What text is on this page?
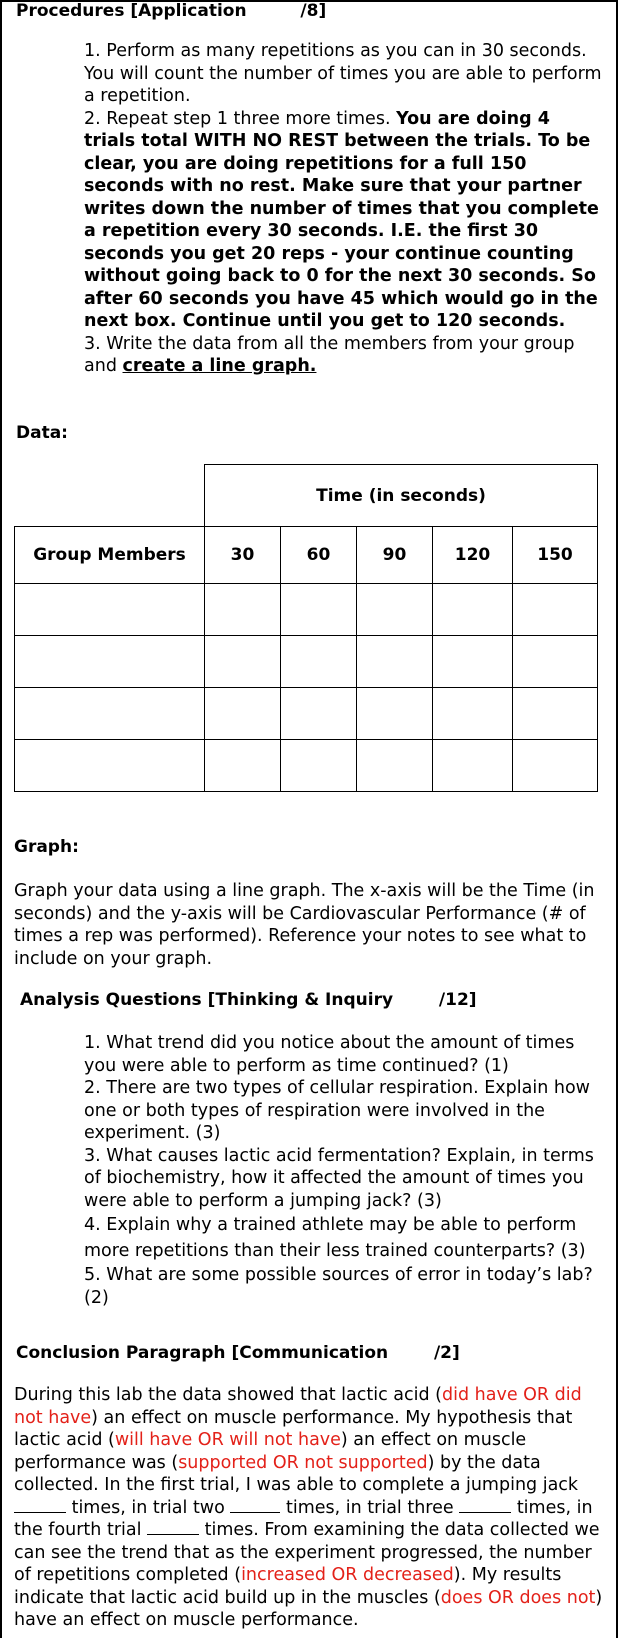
Procedures [Application	/8]

1. Perform as many repetitions as you can in 30 seconds. You will count the number of times you are able to perform a repetition.

2. Repeat step 1 three more times. You are doing 4 trials total WITH NO REST between the trials. To be clear, you are doing repetitions for a full 150 seconds with no rest. Make sure that your partner writes down the number of times that you complete a repetition every 30 seconds. I.E. the first 30 seconds you get 20 reps - your continue counting without going back to 0 for the next 30 seconds. So after 60 seconds you have 45 which would go in the next box. Continue until you get to 120 seconds.

3. Write the data from all the members from your group and create a line graph.

Data:
	Time (in seconds)				
Group Members	30	60	90	120	150

Graph:
Graph your data using a line graph. The x-axis will be the Time (in seconds) and the y-axis will be Cardiovascular Performance (# of times a rep was performed). Reference your notes to see what to include on your graph.
Analysis Questions [Thinking & Inquiry	/12]

1. What trend did you notice about the amount of times you were able to perform as time continued? (1)

2. There are two types of cellular respiration. Explain how one or both types of respiration were involved in the experiment. (3)

3. What causes lactic acid fermentation? Explain, in terms of biochemistry, how it affected the amount of times you were able to perform a jumping jack? (3)

4. Explain why a trained athlete may be able to perform more repetitions than their less trained counterparts? (3)

5. What are some possible sources of error in today’s lab? (2)

Conclusion Paragraph [Communication	/2]
During this lab the data showed that lactic acid (did have OR did not have) an effect on muscle performance. My hypothesis that lactic acid (will have OR will not have) an effect on muscle performance was (supported OR not supported) by the data collected. In the first trial, I was able to complete a jumping jack  times, in trial two	times, in trial three	times, in the fourth trial	times. From examining the data collected we can see the trend that as the experiment progressed, the number of repetitions completed (increased OR decreased). My results indicate that lactic acid build up in the muscles (does OR does not) have an effect on muscle performance.
